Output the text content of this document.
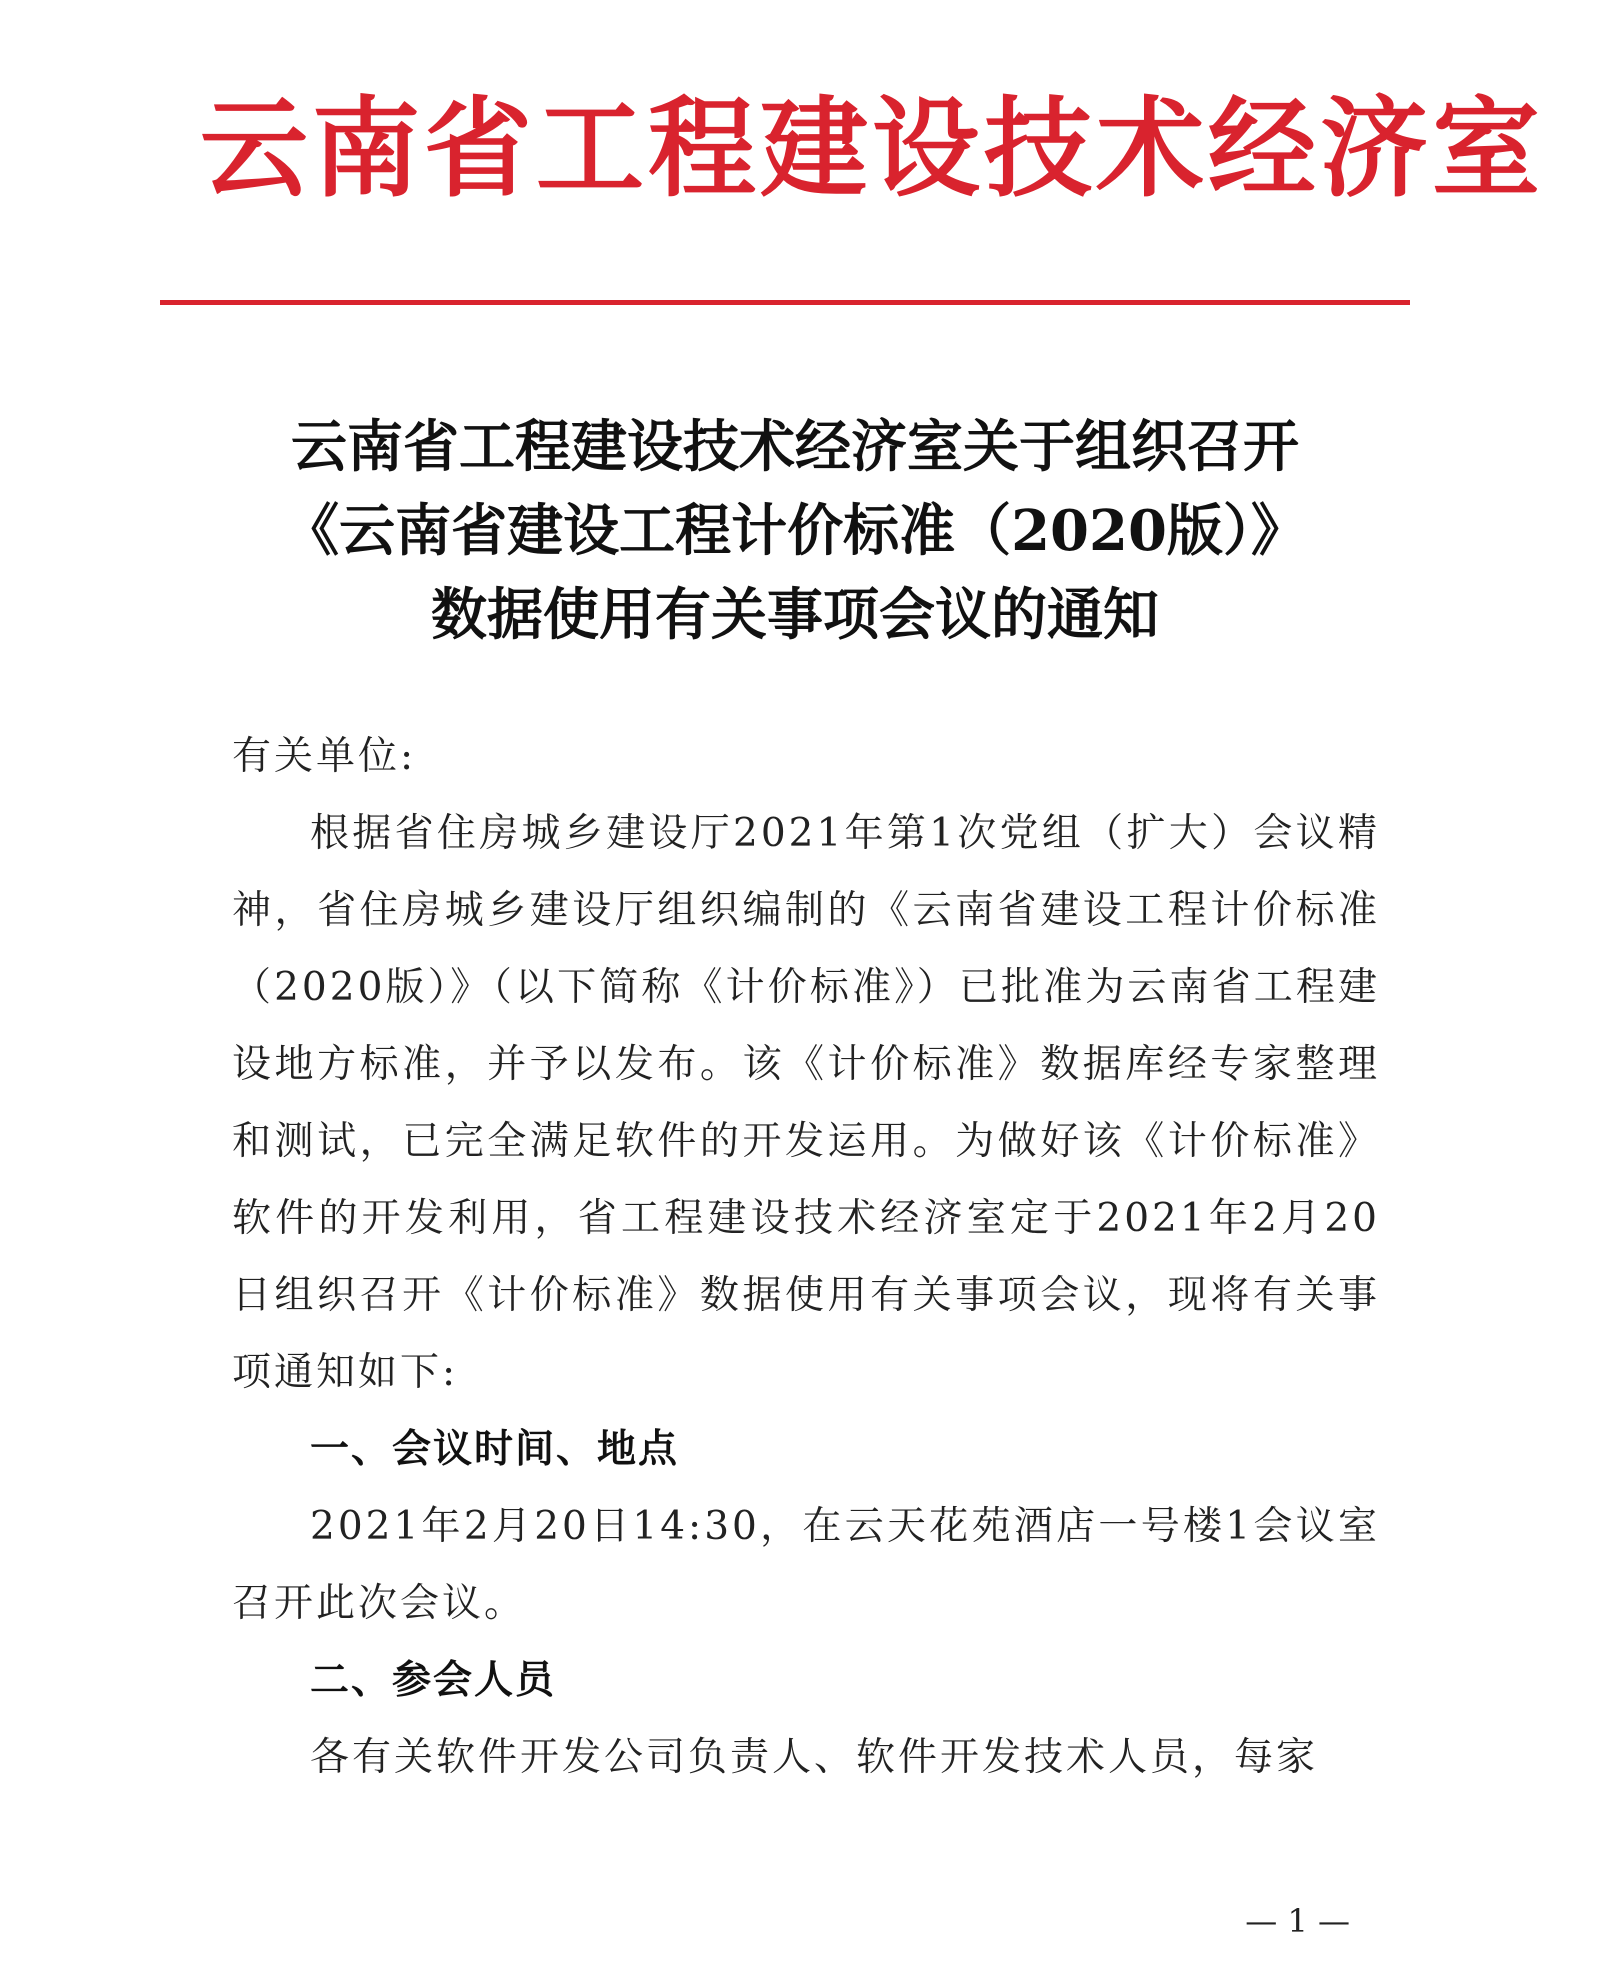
云南省工程建设技术经济室
云南省工程建设技术经济室关于组织召开
《云南省建设工程计价标准（2020版）》
数据使用有关事项会议的通知

有关单位:

根据省住房城乡建设厅2021年第1次党组（扩大）会议精神，省住房城乡建设厅组织编制的《云南省建设工程计价标准（2020版）》（以下简称《计价标准》）已批准为云南省工程建设地方标准，并予以发布。该《计价标准》数据库经专家整理和测试，已完全满足软件的开发运用。为做好该《计价标准》软件的开发利用，省工程建设技术经济室定于2021年2月20日组织召开《计价标准》数据使用有关事项会议，现将有关事项通知如下:

一、会议时间、地点

2021年2月20日14:30，在云天花苑酒店一号楼1会议室召开此次会议。

二、参会人员

各有关软件开发公司负责人、软件开发技术人员，每家

— 1 —
